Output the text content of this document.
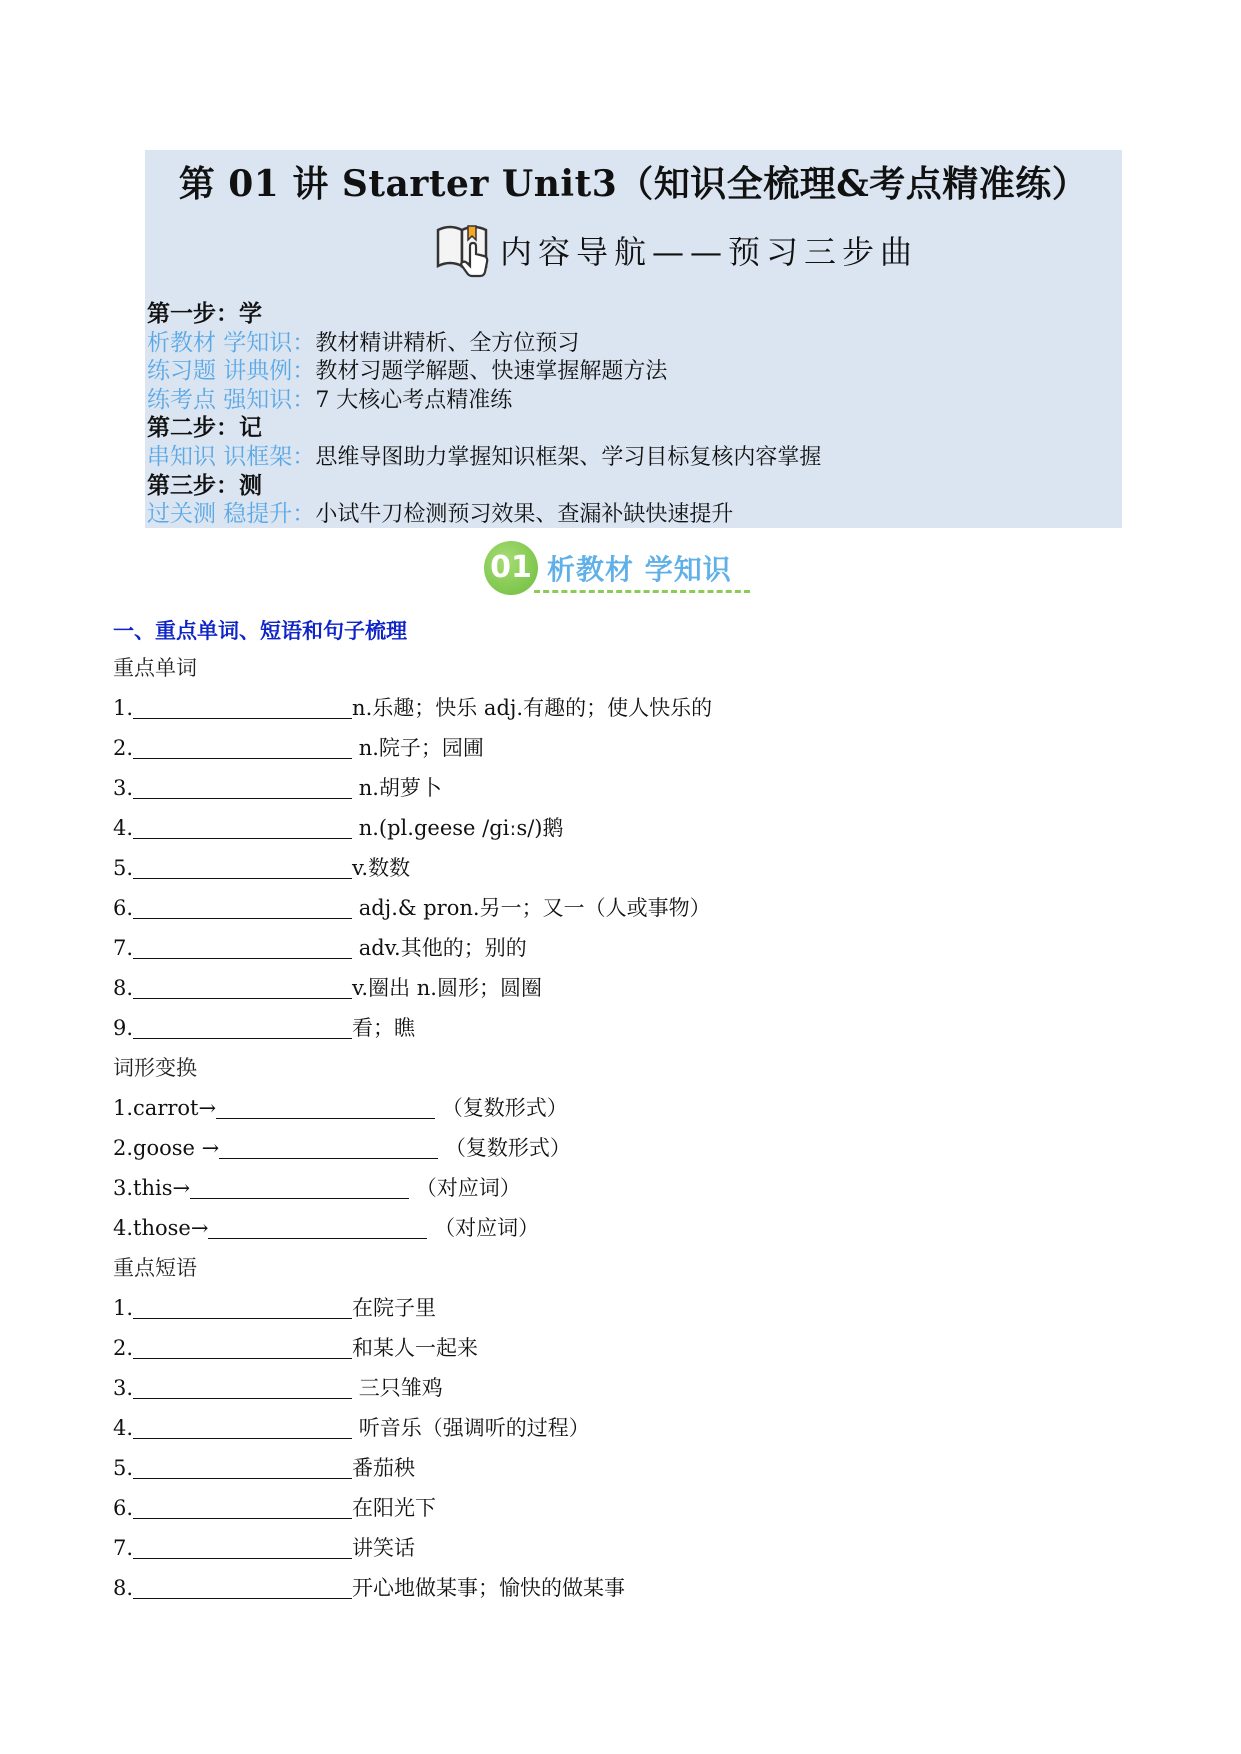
第 01 讲 Starter Unit3（知识全梳理&考点精准练）
内容导航——预习三步曲
第一步：学
析教材 学知识：教材精讲精析、全方位预习
练习题 讲典例：教材习题学解题、快速掌握解题方法
练考点 强知识：7 大核心考点精准练
第二步：记
串知识 识框架：思维导图助力掌握知识框架、学习目标复核内容掌握
第三步：测
过关测 稳提升：小试牛刀检测预习效果、查漏补缺快速提升
01 析教材 学知识
一、重点单词、短语和句子梳理
重点单词
1.	n.乐趣；快乐 adj.有趣的；使人快乐的
2.	n.院子；园圃
3.	n.胡萝卜
4.	n.(pl.geese /giːs/)鹅
5.	v.数数
6.	adj.& pron.另一；又一（人或事物）
7.	adv.其他的；别的
8.	v.圈出 n.圆形；圆圈
9.	看；瞧
词形变换
1.carrot→	（复数形式）
2.goose →	（复数形式）
3.this→	（对应词）
4.those→	（对应词）
重点短语
1.	在院子里
2.	和某人一起来
3.	三只雏鸡
4.	听音乐（强调听的过程）
5.	番茄秧
6.	在阳光下
7.	讲笑话
8.	开心地做某事；愉快的做某事
